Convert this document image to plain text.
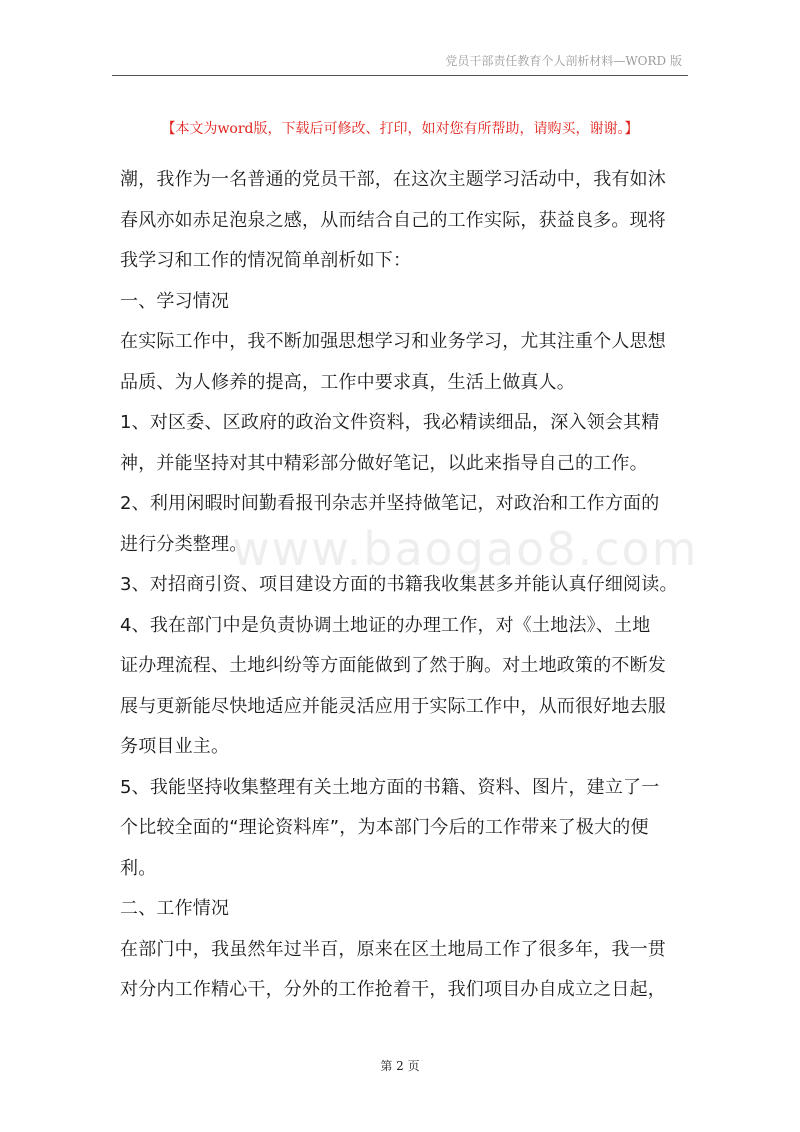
党员干部责任教育个人剖析材料—WORD 版
【本文为word版，下载后可修改、打印，如对您有所帮助，请购买，谢谢。】
www.baogao8.com

潮，我作为一名普通的党员干部，在这次主题学习活动中，我有如沐

春风亦如赤足泡泉之感，从而结合自己的工作实际，获益良多。现将

我学习和工作的情况简单剖析如下：

一、学习情况

在实际工作中，我不断加强思想学习和业务学习，尤其注重个人思想

品质、为人修养的提高，工作中要求真，生活上做真人。

1、对区委、区政府的政治文件资料，我必精读细品，深入领会其精

神，并能坚持对其中精彩部分做好笔记，以此来指导自己的工作。

2、利用闲暇时间勤看报刊杂志并坚持做笔记，对政治和工作方面的

进行分类整理。

3、对招商引资、项目建设方面的书籍我收集甚多并能认真仔细阅读。

4、我在部门中是负责协调土地证的办理工作，对《土地法》、土地

证办理流程、土地纠纷等方面能做到了然于胸。对土地政策的不断发

展与更新能尽快地适应并能灵活应用于实际工作中，从而很好地去服

务项目业主。

5、我能坚持收集整理有关土地方面的书籍、资料、图片，建立了一

个比较全面的“理论资料库”，为本部门今后的工作带来了极大的便

利。

二、工作情况

在部门中，我虽然年过半百，原来在区土地局工作了很多年，我一贯

对分内工作精心干，分外的工作抢着干，我们项目办自成立之日起，

第 2 页
